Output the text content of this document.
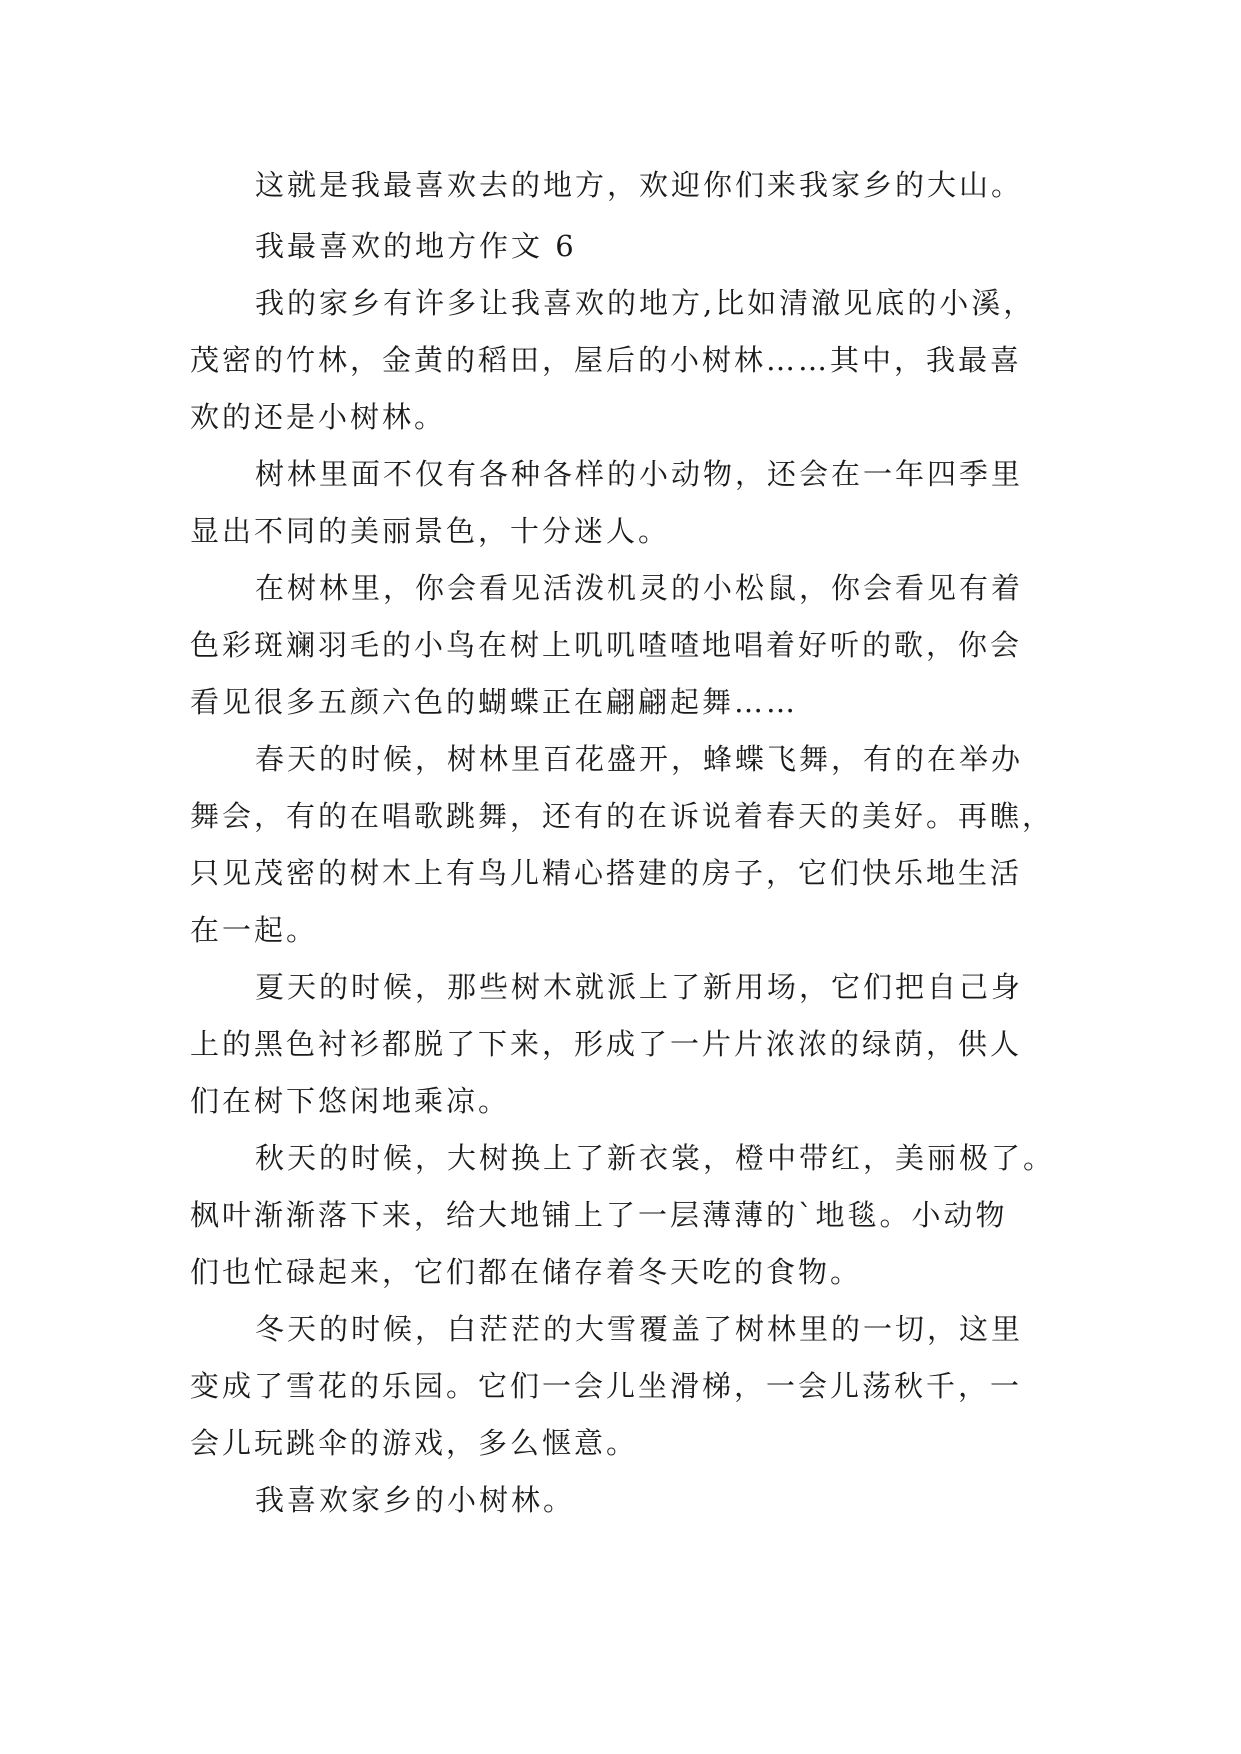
这就是我最喜欢去的地方，欢迎你们来我家乡的大山。
我最喜欢的地方作文 6
我的家乡有许多让我喜欢的地方,比如清澈见底的小溪，
茂密的竹林，金黄的稻田，屋后的小树林……其中，我最喜
欢的还是小树林。
树林里面不仅有各种各样的小动物，还会在一年四季里
显出不同的美丽景色，十分迷人。
在树林里，你会看见活泼机灵的小松鼠，你会看见有着
色彩斑斓羽毛的小鸟在树上叽叽喳喳地唱着好听的歌，你会
看见很多五颜六色的蝴蝶正在翩翩起舞……
春天的时候，树林里百花盛开，蜂蝶飞舞，有的在举办
舞会，有的在唱歌跳舞，还有的在诉说着春天的美好。再瞧，
只见茂密的树木上有鸟儿精心搭建的房子，它们快乐地生活
在一起。
夏天的时候，那些树木就派上了新用场，它们把自己身
上的黑色衬衫都脱了下来，形成了一片片浓浓的绿荫，供人
们在树下悠闲地乘凉。
秋天的时候，大树换上了新衣裳，橙中带红，美丽极了。
枫叶渐渐落下来，给大地铺上了一层薄薄的`地毯。小动物
们也忙碌起来，它们都在储存着冬天吃的食物。
冬天的时候，白茫茫的大雪覆盖了树林里的一切，这里
变成了雪花的乐园。它们一会儿坐滑梯，一会儿荡秋千，一
会儿玩跳伞的游戏，多么惬意。
我喜欢家乡的小树林。
